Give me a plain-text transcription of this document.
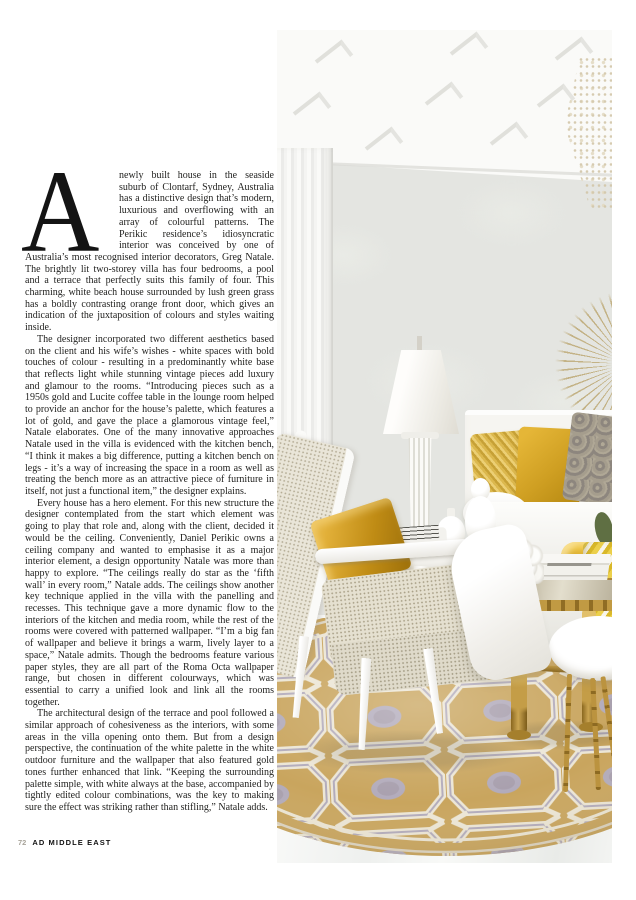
A newly built house in the seaside suburb of Clontarf, Sydney, Australia has a distinctive design that’s modern, luxurious and overflowing with an array of colourful patterns. The Perikic residence’s idiosyncratic interior was conceived by one of Australia’s most recognised interior decorators, Greg Natale. The brightly lit two-storey villa has four bedrooms, a pool and a terrace that perfectly suits this family of four. This charming, white beach house surrounded by lush green grass has a boldly contrasting orange front door, which gives an indication of the juxtaposition of colours and styles waiting inside.

The designer incorporated two different aesthetics based on the client and his wife’s wishes - white spaces with bold touches of colour - resulting in a predominantly white base that reflects light while stunning vintage pieces add luxury and glamour to the rooms. “Introducing pieces such as a 1950s gold and Lucite coffee table in the lounge room helped to provide an anchor for the house’s palette, which features a lot of gold, and gave the place a glamorous vintage feel,” Natale elaborates. One of the many innovative approaches Natale used in the villa is evidenced with the kitchen bench, “I think it makes a big difference, putting a kitchen bench on legs - it’s a way of increasing the space in a room as well as treating the bench more as an attractive piece of furniture in itself, not just a functional item,” the designer explains.

Every house has a hero element. For this new structure the designer contemplated from the start which element was going to play that role and, along with the client, decided it would be the ceiling. Conveniently, Daniel Perikic owns a ceiling company and wanted to emphasise it as a major interior element, a design opportunity Natale was more than happy to explore. “The ceilings really do star as the ‘fifth wall’ in every room,” Natale adds. The ceilings show another key technique applied in the villa with the panelling and recesses. This technique gave a more dynamic flow to the interiors of the kitchen and media room, while the rest of the rooms were covered with patterned wallpaper. “I’m a big fan of wallpaper and believe it brings a warm, lively layer to a space,” Natale admits. Though the bedrooms feature various paper styles, they are all part of the Roma Octa wallpaper range, but chosen in different colourways, which was essential to carry a unified look and link all the rooms together.

The architectural design of the terrace and pool followed a similar approach of cohesiveness as the interiors, with some areas in the villa opening onto them. But from a design perspective, the continuation of the white palette in the white outdoor furniture and the wallpaper that also featured gold tones further enhanced that link. “Keeping the surrounding palette simple, with white always at the base, accompanied by tightly edited colour combinations, was the key to making sure the effect was striking rather than stifling,” Natale adds.

72 AD MIDDLE EAST
